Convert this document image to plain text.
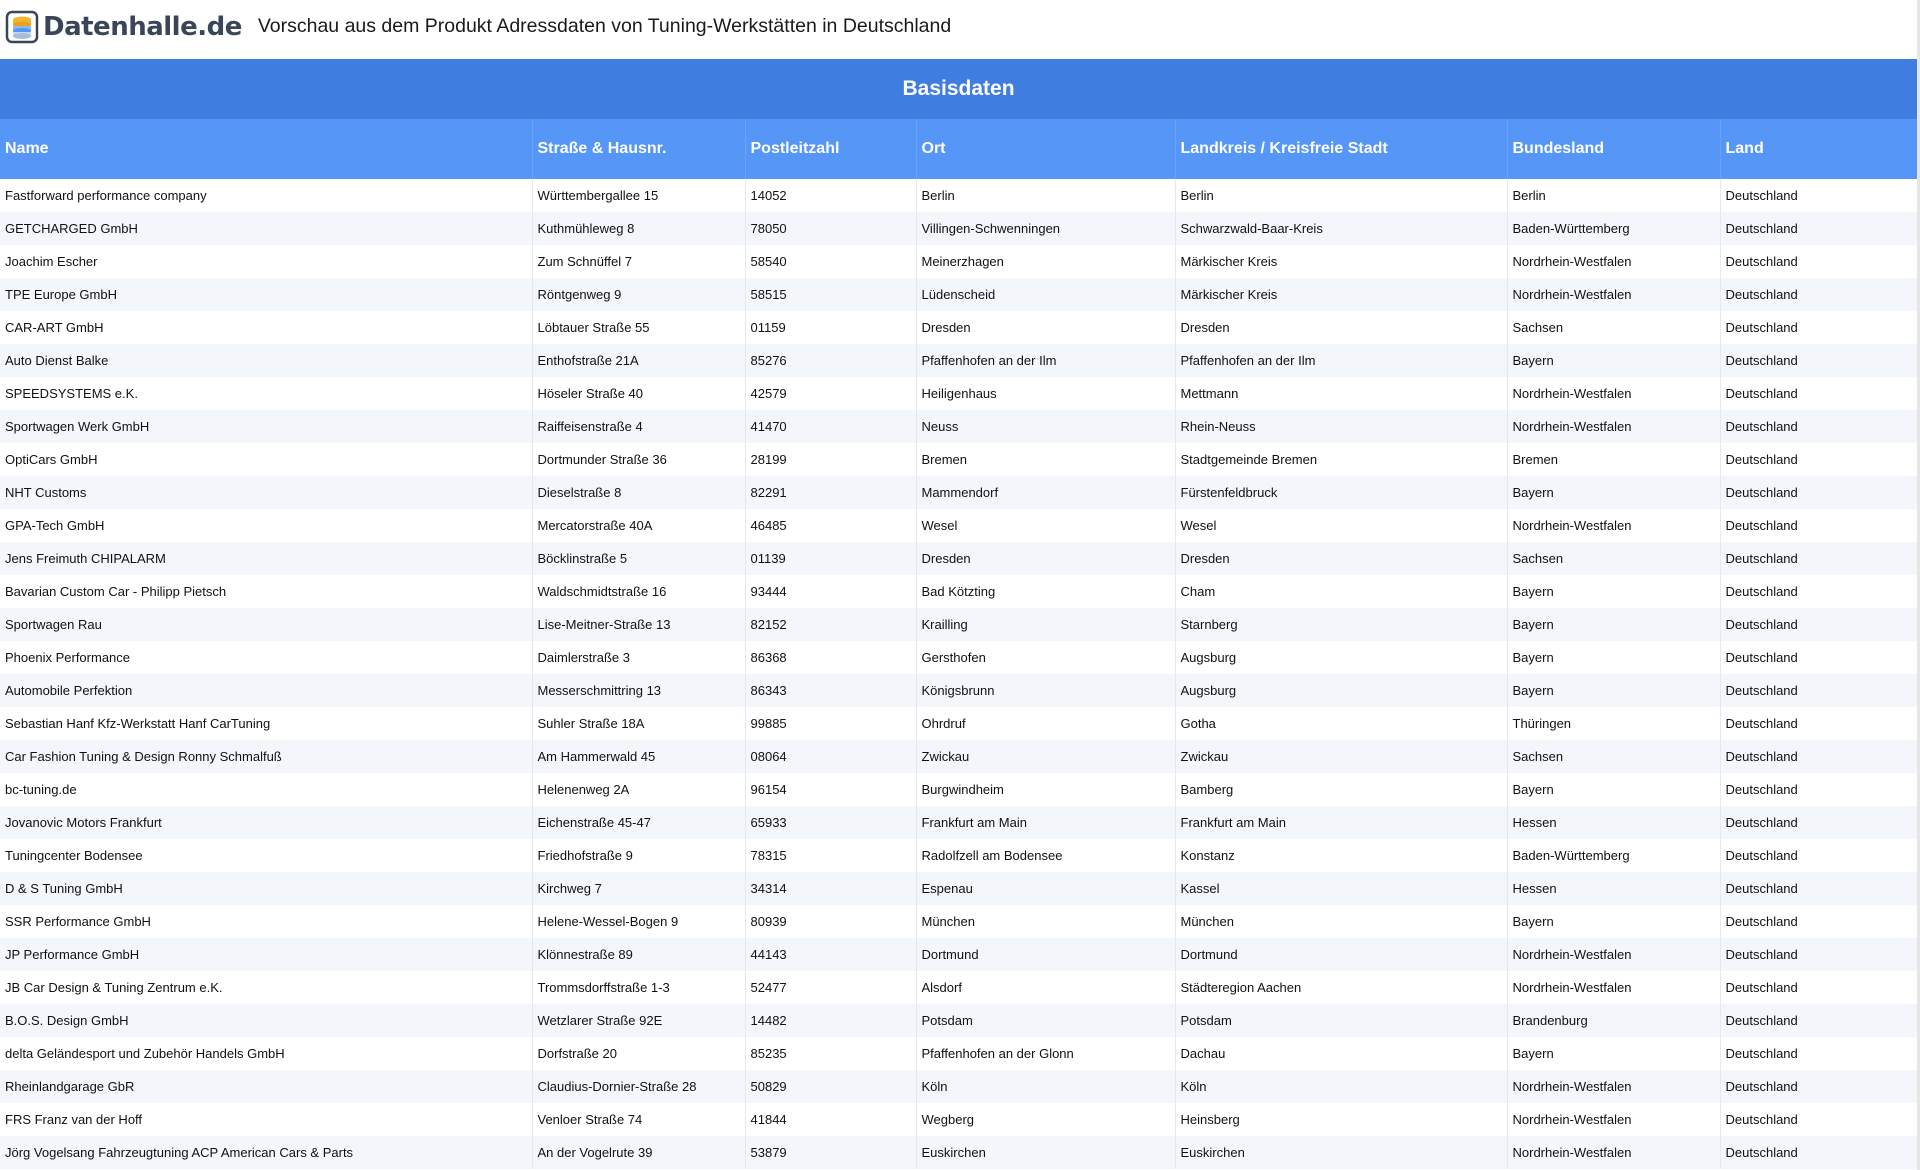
Datenhalle.de Vorschau aus dem Produkt Adressdaten von Tuning-Werkstätten in Deutschland
Basisdaten						
Name	Straße & Hausnr.	Postleitzahl	Ort	Landkreis / Kreisfreie Stadt	Bundesland	Land
Fastforward performance company	Württembergallee 15	14052	Berlin	Berlin	Berlin	Deutschland
GETCHARGED GmbH	Kuthmühleweg 8	78050	Villingen-Schwenningen	Schwarzwald-Baar-Kreis	Baden-Württemberg	Deutschland
Joachim Escher	Zum Schnüffel 7	58540	Meinerzhagen	Märkischer Kreis	Nordrhein-Westfalen	Deutschland
TPE Europe GmbH	Röntgenweg 9	58515	Lüdenscheid	Märkischer Kreis	Nordrhein-Westfalen	Deutschland
CAR-ART GmbH	Löbtauer Straße 55	01159	Dresden	Dresden	Sachsen	Deutschland
Auto Dienst Balke	Enthofstraße 21A	85276	Pfaffenhofen an der Ilm	Pfaffenhofen an der Ilm	Bayern	Deutschland
SPEEDSYSTEMS e.K.	Höseler Straße 40	42579	Heiligenhaus	Mettmann	Nordrhein-Westfalen	Deutschland
Sportwagen Werk GmbH	Raiffeisenstraße 4	41470	Neuss	Rhein-Neuss	Nordrhein-Westfalen	Deutschland
OptiCars GmbH	Dortmunder Straße 36	28199	Bremen	Stadtgemeinde Bremen	Bremen	Deutschland
NHT Customs	Dieselstraße 8	82291	Mammendorf	Fürstenfeldbruck	Bayern	Deutschland
GPA-Tech GmbH	Mercatorstraße 40A	46485	Wesel	Wesel	Nordrhein-Westfalen	Deutschland
Jens Freimuth CHIPALARM	Böcklinstraße 5	01139	Dresden	Dresden	Sachsen	Deutschland
Bavarian Custom Car - Philipp Pietsch	Waldschmidtstraße 16	93444	Bad Kötzting	Cham	Bayern	Deutschland
Sportwagen Rau	Lise-Meitner-Straße 13	82152	Krailling	Starnberg	Bayern	Deutschland
Phoenix Performance	Daimlerstraße 3	86368	Gersthofen	Augsburg	Bayern	Deutschland
Automobile Perfektion	Messerschmittring 13	86343	Königsbrunn	Augsburg	Bayern	Deutschland
Sebastian Hanf Kfz-Werkstatt Hanf CarTuning	Suhler Straße 18A	99885	Ohrdruf	Gotha	Thüringen	Deutschland
Car Fashion Tuning & Design Ronny Schmalfuß	Am Hammerwald 45	08064	Zwickau	Zwickau	Sachsen	Deutschland
bc-tuning.de	Helenenweg 2A	96154	Burgwindheim	Bamberg	Bayern	Deutschland
Jovanovic Motors Frankfurt	Eichenstraße 45-47	65933	Frankfurt am Main	Frankfurt am Main	Hessen	Deutschland
Tuningcenter Bodensee	Friedhofstraße 9	78315	Radolfzell am Bodensee	Konstanz	Baden-Württemberg	Deutschland
D & S Tuning GmbH	Kirchweg 7	34314	Espenau	Kassel	Hessen	Deutschland
SSR Performance GmbH	Helene-Wessel-Bogen 9	80939	München	München	Bayern	Deutschland
JP Performance GmbH	Klönnestraße 89	44143	Dortmund	Dortmund	Nordrhein-Westfalen	Deutschland
JB Car Design & Tuning Zentrum e.K.	Trommsdorffstraße 1-3	52477	Alsdorf	Städteregion Aachen	Nordrhein-Westfalen	Deutschland
B.O.S. Design GmbH	Wetzlarer Straße 92E	14482	Potsdam	Potsdam	Brandenburg	Deutschland
delta Geländesport und Zubehör Handels GmbH	Dorfstraße 20	85235	Pfaffenhofen an der Glonn	Dachau	Bayern	Deutschland
Rheinlandgarage GbR	Claudius-Dornier-Straße 28	50829	Köln	Köln	Nordrhein-Westfalen	Deutschland
FRS Franz van der Hoff	Venloer Straße 74	41844	Wegberg	Heinsberg	Nordrhein-Westfalen	Deutschland
Jörg Vogelsang Fahrzeugtuning ACP American Cars & Parts	An der Vogelrute 39	53879	Euskirchen	Euskirchen	Nordrhein-Westfalen	Deutschland
